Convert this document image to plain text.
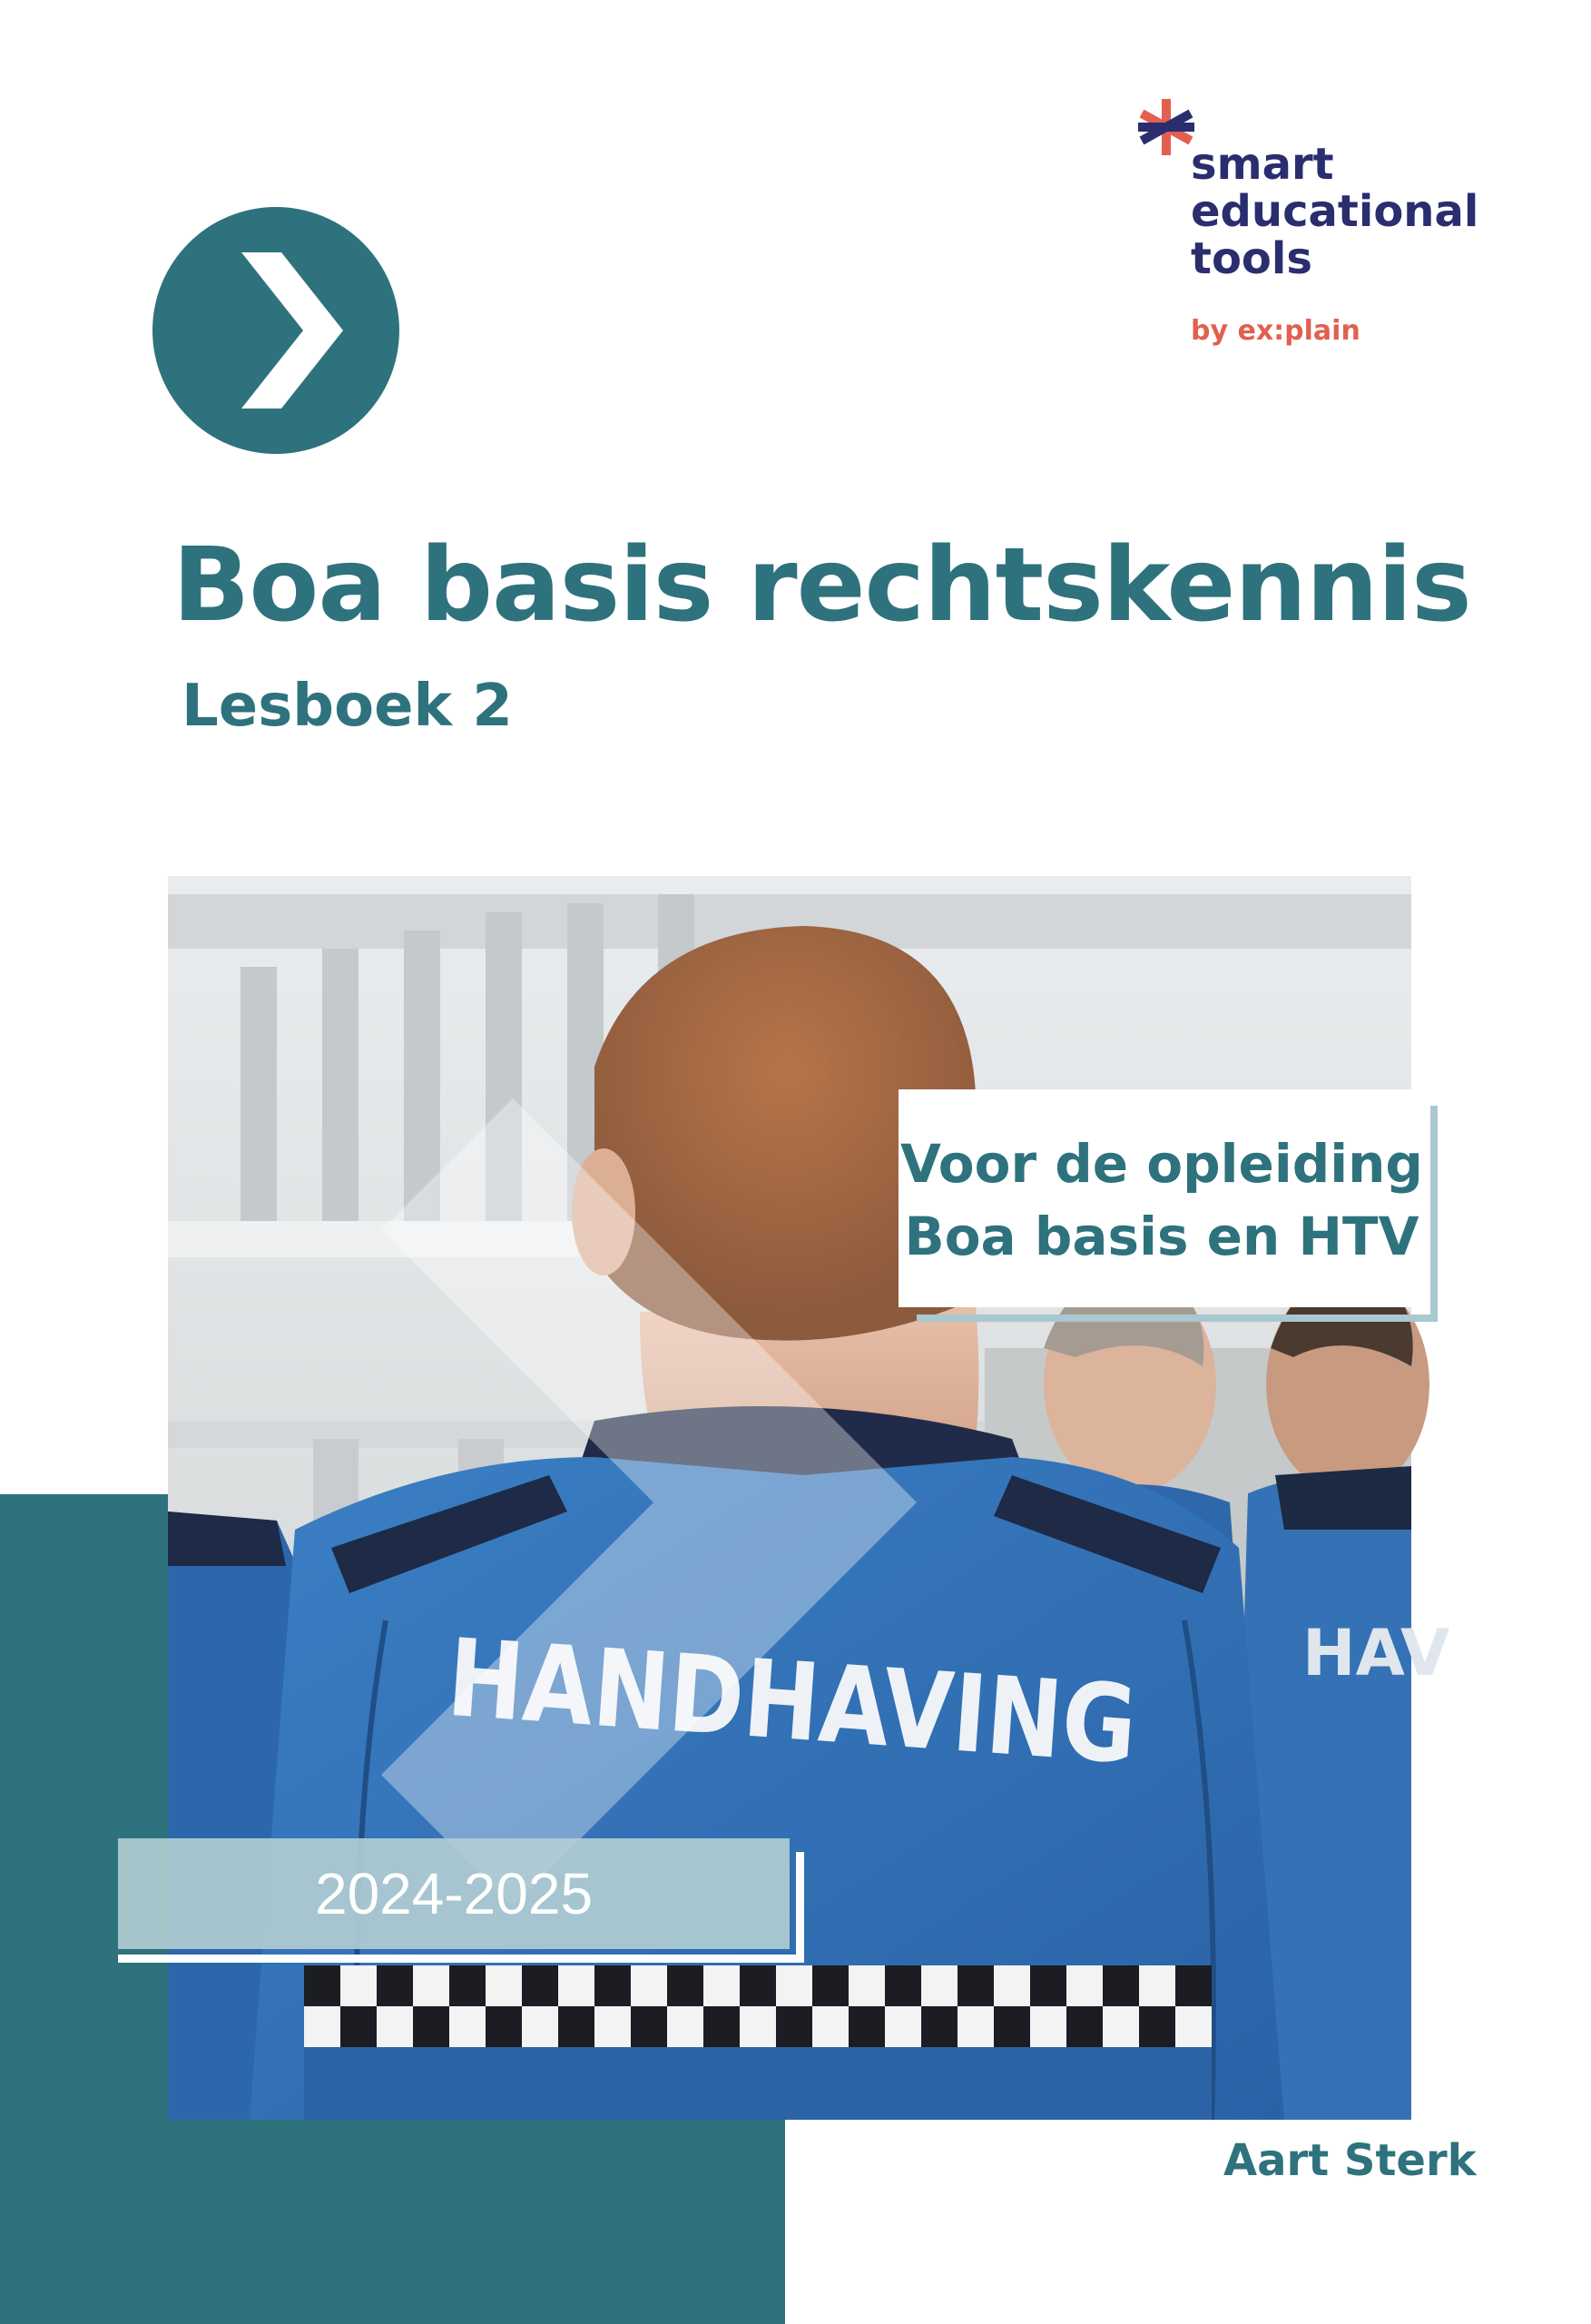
smart

educational

tools

by ex:plain

Boa basis rechtskennis
Lesboek 2
HAV
HANDHAVING

Voor de opleiding

Boa basis en HTV

2024-2025

Aart Sterk
